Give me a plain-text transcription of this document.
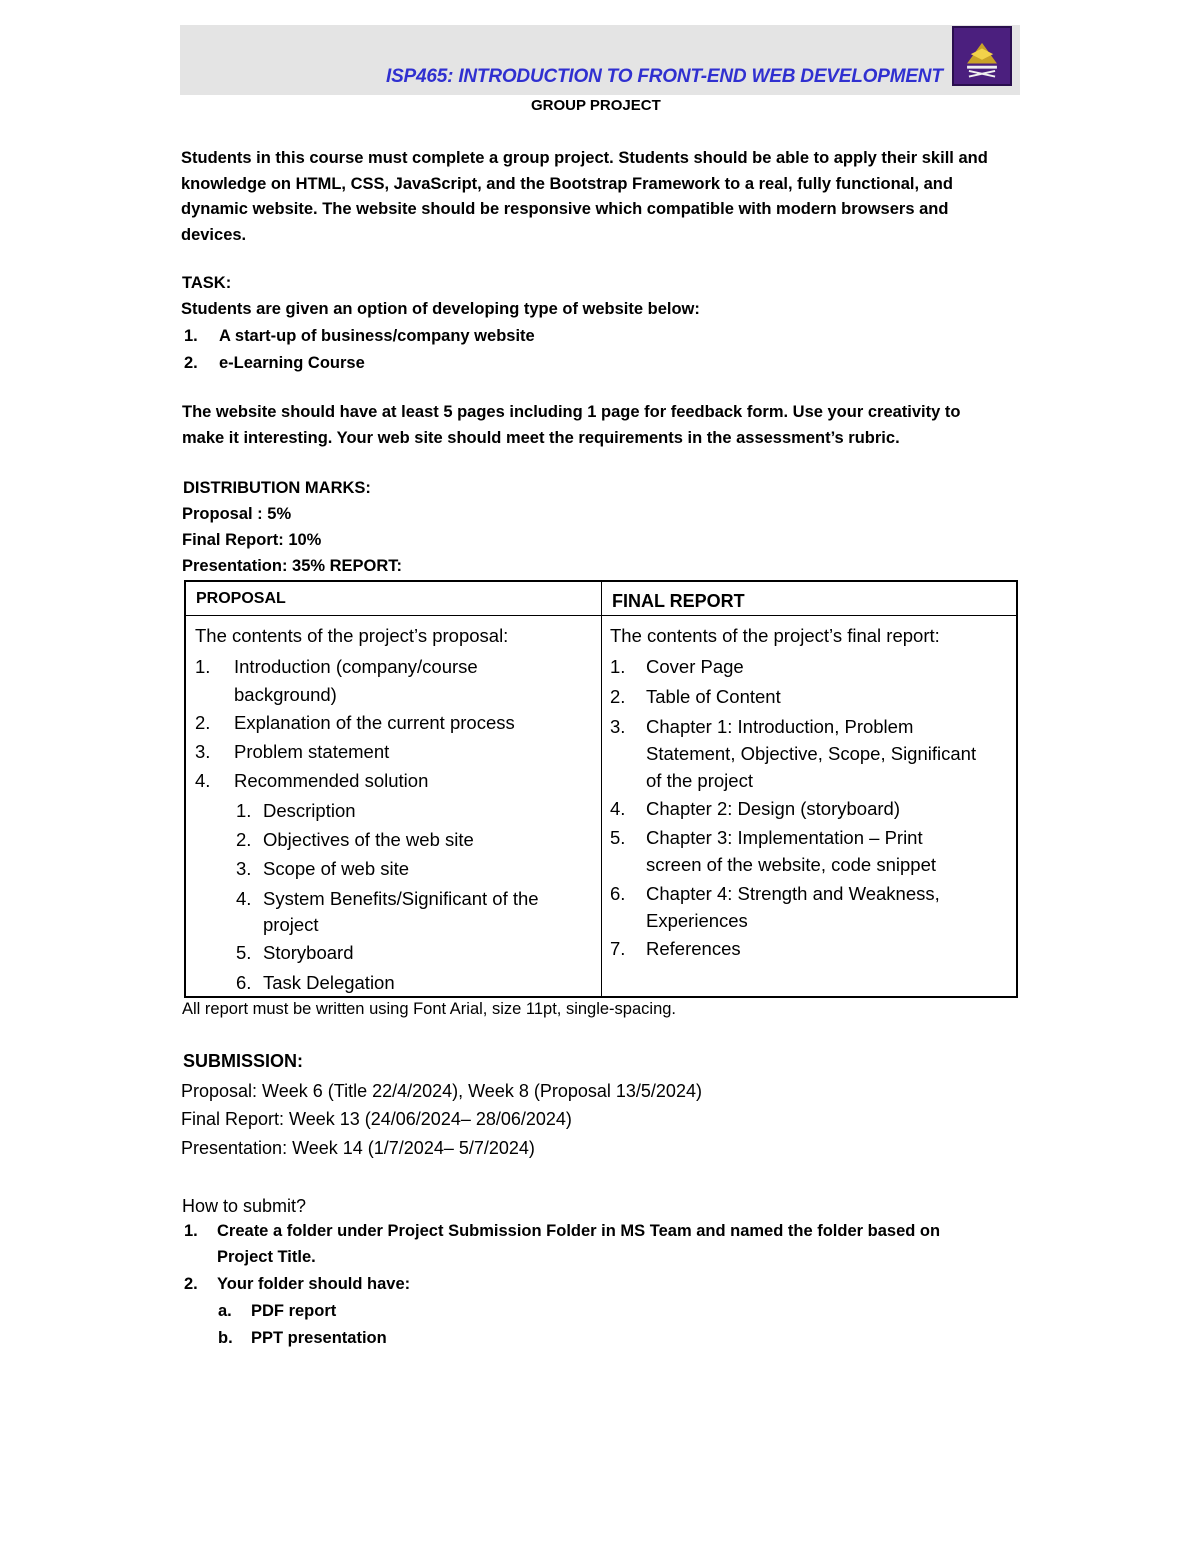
ISP465: INTRODUCTION TO FRONT-END WEB DEVELOPMENT
GROUP PROJECT

Students in this course must complete a group project. Students should be able to apply their skill and knowledge on HTML, CSS, JavaScript, and the Bootstrap Framework to a real, fully functional, and dynamic website. The website should be responsive which compatible with modern browsers and devices.

TASK:
Students are given an option of developing type of website below:
1. A start-up of business/company website
2. e-Learning Course
The website should have at least 5 pages including 1 page for feedback form. Use your creativity to
make it interesting. Your web site should meet the requirements in the assessment’s rubric.
DISTRIBUTION MARKS:
Proposal : 5%
Final Report: 10%
Presentation: 35% REPORT:
PROPOSAL	FINAL REPORT
The contents of the project’s proposal:
1. Introduction (company/course
background)
2. Explanation of the current process
3. Problem statement
4. Recommended solution
1. Description
2. Objectives of the web site
3. Scope of web site
4. System Benefits/Significant of the
project
5. Storyboard
6. Task Delegation
The contents of the project’s final report:
1. Cover Page
2. Table of Content
3. Chapter 1: Introduction, Problem
Statement, Objective, Scope, Significant
of the project
4. Chapter 2: Design (storyboard)
5. Chapter 3: Implementation – Print
screen of the website, code snippet
6. Chapter 4: Strength and Weakness,
Experiences
7. References
All report must be written using Font Arial, size 11pt, single-spacing.
SUBMISSION:
Proposal: Week 6 (Title 22/4/2024), Week 8 (Proposal 13/5/2024)
Final Report: Week 13 (24/06/2024– 28/06/2024)
Presentation: Week 14 (1/7/2024– 5/7/2024)
How to submit?
1. Create a folder under Project Submission Folder in MS Team and named the folder based on
Project Title.
2. Your folder should have:
a. PDF report
b. PPT presentation
